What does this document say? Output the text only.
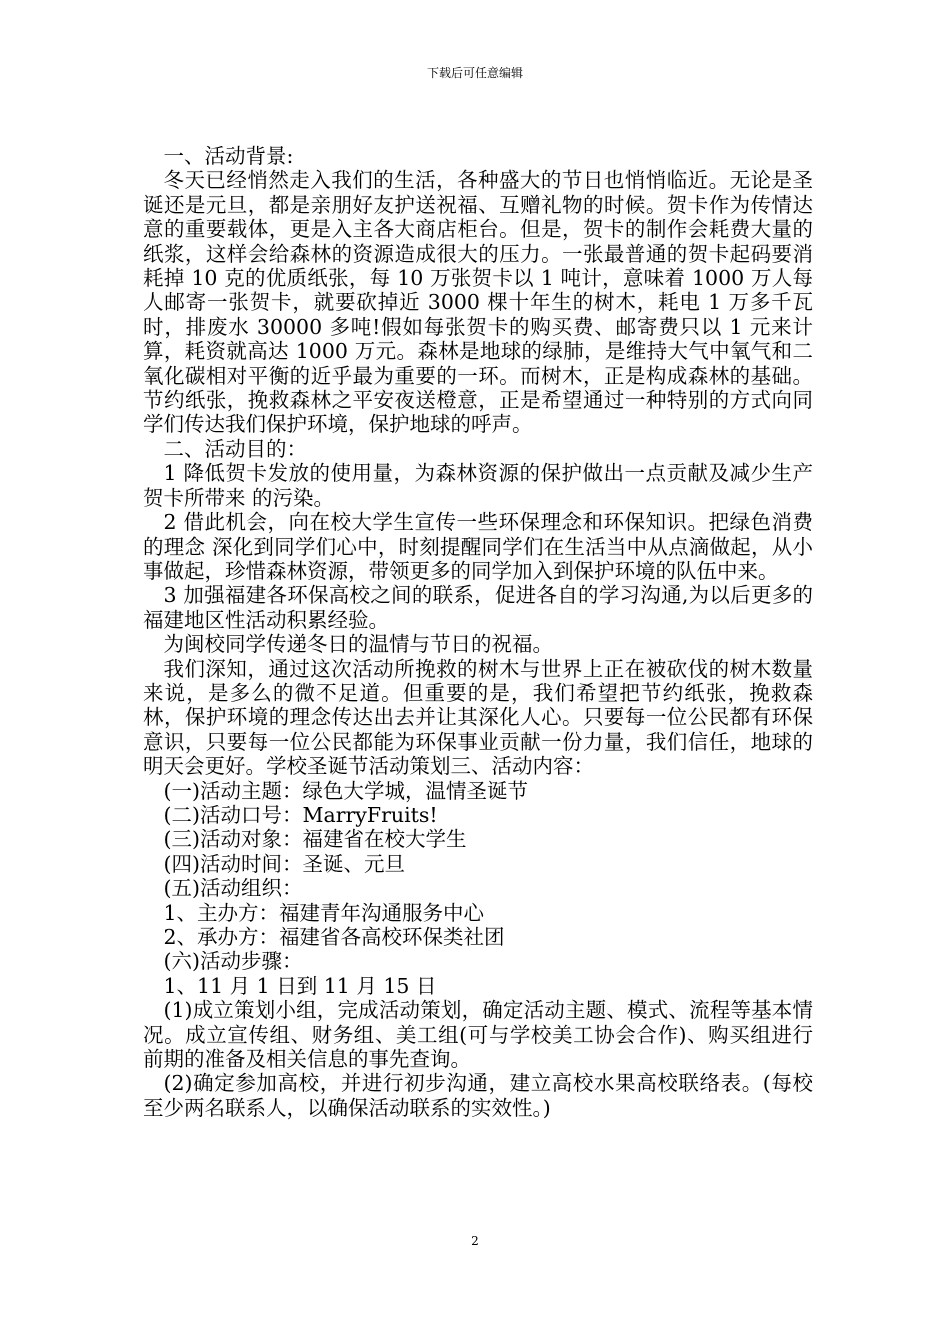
下载后可任意编辑

一、活动背景:

冬天已经悄然走入我们的生活，各种盛大的节日也悄悄临近。无论是圣诞还是元旦，都是亲朋好友护送祝福、互赠礼物的时候。贺卡作为传情达意的重要载体，更是入主各大商店柜台。但是，贺卡的制作会耗费大量的纸浆，这样会给森林的资源造成很大的压力。一张最普通的贺卡起码要消耗掉 10 克的优质纸张，每 10 万张贺卡以 1 吨计，意味着 1000 万人每人邮寄一张贺卡，就要砍掉近 3000 棵十年生的树木，耗电 1 万多千瓦时，排废水 30000 多吨!假如每张贺卡的购买费、邮寄费只以 1 元来计算，耗资就高达 1000 万元。森林是地球的绿肺，是维持大气中氧气和二氧化碳相对平衡的近乎最为重要的一环。而树木，正是构成森林的基础。节约纸张，挽救森林之平安夜送橙意，正是希望通过一种特别的方式向同学们传达我们保护环境，保护地球的呼声。

二、活动目的：

1 降低贺卡发放的使用量，为森林资源的保护做出一点贡献及减少生产贺卡所带来 的污染。

2 借此机会，向在校大学生宣传一些环保理念和环保知识。把绿色消费的理念 深化到同学们心中，时刻提醒同学们在生活当中从点滴做起，从小事做起，珍惜森林资源，带领更多的同学加入到保护环境的队伍中来。

3 加强福建各环保高校之间的联系，促进各自的学习沟通,为以后更多的福建地区性活动积累经验。

为闽校同学传递冬日的温情与节日的祝福。

我们深知，通过这次活动所挽救的树木与世界上正在被砍伐的树木数量来说，是多么的微不足道。但重要的是，我们希望把节约纸张，挽救森林，保护环境的理念传达出去并让其深化人心。只要每一位公民都有环保意识，只要每一位公民都能为环保事业贡献一份力量，我们信任，地球的明天会更好。学校圣诞节活动策划三、活动内容：

(一)活动主题：绿色大学城，温情圣诞节

(二)活动口号：MarryFruits!

(三)活动对象：福建省在校大学生

(四)活动时间：圣诞、元旦

(五)活动组织：

1、主办方：福建青年沟通服务中心

2、承办方：福建省各高校环保类社团

(六)活动步骤：

1、11 月 1 日到 11 月 15 日

(1)成立策划小组，完成活动策划，确定活动主题、模式、流程等基本情况。成立宣传组、财务组、美工组(可与学校美工协会合作)、购买组进行前期的准备及相关信息的事先查询。

(2)确定参加高校，并进行初步沟通，建立高校水果高校联络表。(每校至少两名联系人，以确保活动联系的实效性。)

2
